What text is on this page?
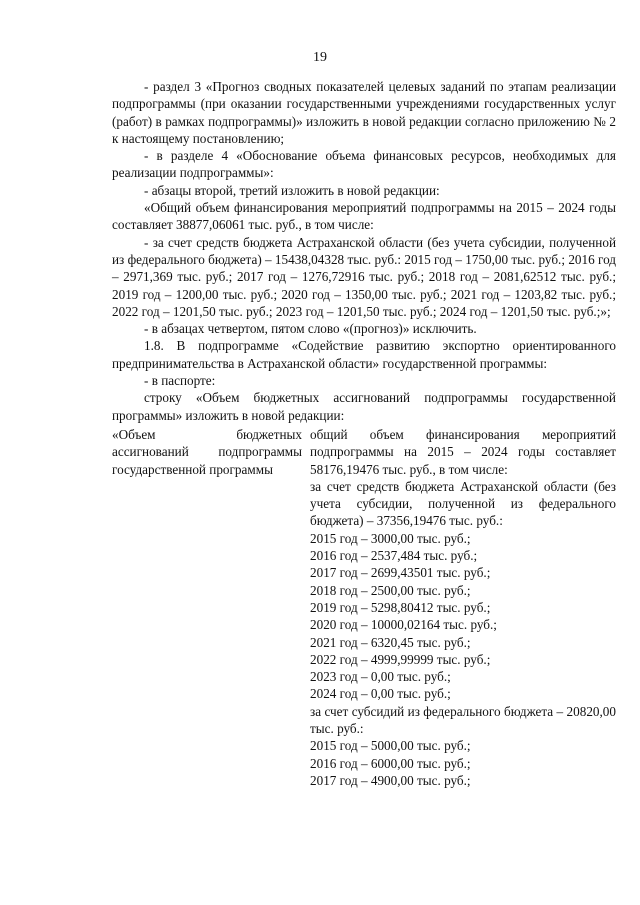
19

- раздел 3 «Прогноз сводных показателей целевых заданий по этапам реализации подпрограммы (при оказании государственными учреждениями государственных услуг (работ) в рамках подпрограммы)» изложить в новой редакции согласно приложению № 2 к настоящему постановлению;

- в разделе 4 «Обоснование объема финансовых ресурсов, необходимых для реализации подпрограммы»:

- абзацы второй, третий изложить в новой редакции:

«Общий объем финансирования мероприятий подпрограммы на 2015 – 2024 годы составляет 38877,06061 тыс. руб., в том числе:

- за счет средств бюджета Астраханской области (без учета субсидии, полученной из федерального бюджета) – 15438,04328 тыс. руб.: 2015 год – 1750,00 тыс. руб.; 2016 год – 2971,369 тыс. руб.; 2017 год – 1276,72916 тыс. руб.; 2018 год – 2081,62512 тыс. руб.; 2019 год – 1200,00 тыс. руб.; 2020 год – 1350,00 тыс. руб.; 2021 год – 1203,82 тыс. руб.; 2022 год – 1201,50 тыс. руб.; 2023 год – 1201,50 тыс. руб.; 2024 год – 1201,50 тыс. руб.;»;

- в абзацах четвертом, пятом слово «(прогноз)» исключить.

1.8. В подпрограмме «Содействие развитию экспортно ориентированного предпринимательства в Астраханской области» государственной программы:

- в паспорте:

строку «Объем бюджетных ассигнований подпрограммы государственной программы» изложить в новой редакции:

«Объем бюджетных ассигнований подпрограммы государственной программы
общий объем финансирования мероприятий подпрограммы на 2015 – 2024 годы составляет 58176,19476 тыс. руб., в том числе:
за счет средств бюджета Астраханской области (без учета субсидии, полученной из федерального бюджета) – 37356,19476 тыс. руб.:
2015 год – 3000,00 тыс. руб.;
2016 год – 2537,484 тыс. руб.;
2017 год – 2699,43501 тыс. руб.;
2018 год – 2500,00 тыс. руб.;
2019 год – 5298,80412 тыс. руб.;
2020 год – 10000,02164 тыс. руб.;
2021 год – 6320,45 тыс. руб.;
2022 год – 4999,99999 тыс. руб.;
2023 год – 0,00 тыс. руб.;
2024 год – 0,00 тыс. руб.;
за счет субсидий из федерального бюджета – 20820,00 тыс. руб.:
2015 год – 5000,00 тыс. руб.;
2016 год – 6000,00 тыс. руб.;
2017 год – 4900,00 тыс. руб.;
